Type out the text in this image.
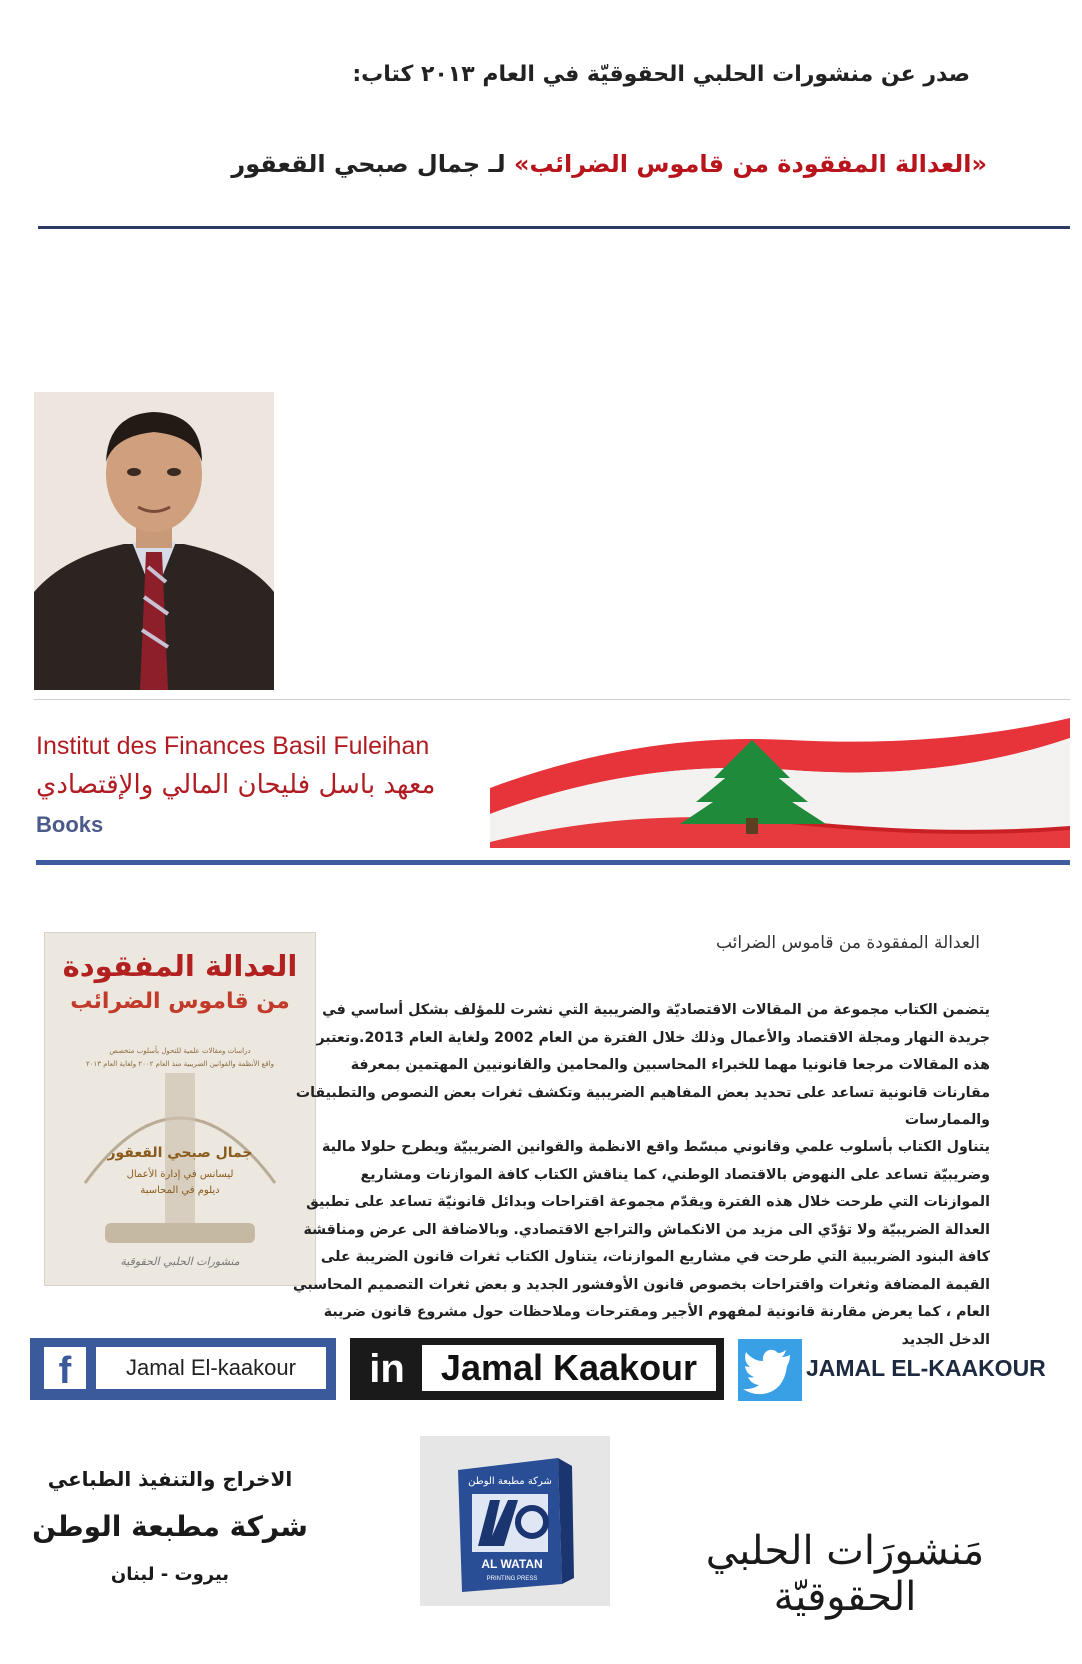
صدر عن منشورات الحلبي الحقوقيّة في العام ٢٠١٣ كتاب:
«العدالة المفقودة من قاموس الضرائب» لـ جمال صبحي القعقور
Institut des Finances Basil Fuleihan
معهد باسل فليحان المالي والإقتصادي
Books
العدالة المفقودة
من قاموس الضرائب
دراسات ومقالات علمية للتحول بأسلوب متخصص
واقع الأنظمة والقوانين الضريبية منذ العام ٢٠٠٢ ولغاية العام ٢٠١٣
جمال صبحي القعقور
ليسانس في إدارة الأعمال
ديلوم في المحاسبة
منشورات الحلبي الحقوقية
العدالة المفقودة من قاموس الضرائب
يتضمن الكتاب مجموعة من المقالات الاقتصاديّة والضريبية التي نشرت للمؤلف بشكل أساسي في جريدة النهار ومجلة الاقتصاد والأعمال وذلك خلال الفترة من العام 2002 ولغاية العام 2013.وتعتبر هذه المقالات مرجعا قانونيا مهما للخبراء المحاسبين والمحامين والقانونيين المهتمين بمعرفة مقارنات قانونية تساعد على تحديد بعض المفاهيم الضريبية وتكشف ثغرات بعض النصوص والتطبيقات والممارسات
يتناول الكتاب بأسلوب علمي وقانوني مبسّط واقع الانظمة والقوانين الضريبيّة ويطرح حلولا مالية وضريبيّة تساعد على النهوض بالاقتصاد الوطني، كما يناقش الكتاب كافة الموازنات ومشاريع الموازنات التي طرحت خلال هذه الفترة ويقدّم مجموعة اقتراحات وبدائل قانونيّة تساعد على تطبيق العدالة الضريبيّة ولا تؤدّي الى مزيد من الانكماش والتراجع الاقتصادي. وبالاضافة الى عرض ومناقشة كافة البنود الضريبية التي طرحت في مشاريع الموازنات، يتناول الكتاب ثغرات قانون الضريبة على القيمة المضافة وثغرات واقتراحات بخصوص قانون الأوفشور الجديد و بعض ثغرات التصميم المحاسبي العام ، كما يعرض مقارنة قانونية لمفهوم الأجير ومقترحات وملاحظات حول مشروع قانون ضريبة الدخل الجديد
f	Jamal El-kaakour	in	Jamal Kaakour	JAMAL EL-KAAKOUR
الاخراج والتنفيذ الطباعي
شركة مطبعة الوطن
بيروت - لبنان
شركة مطبعة الوطن
AL WATAN
PRINTING PRESS
مَنشورَات الحلبي الحقوقيّة
